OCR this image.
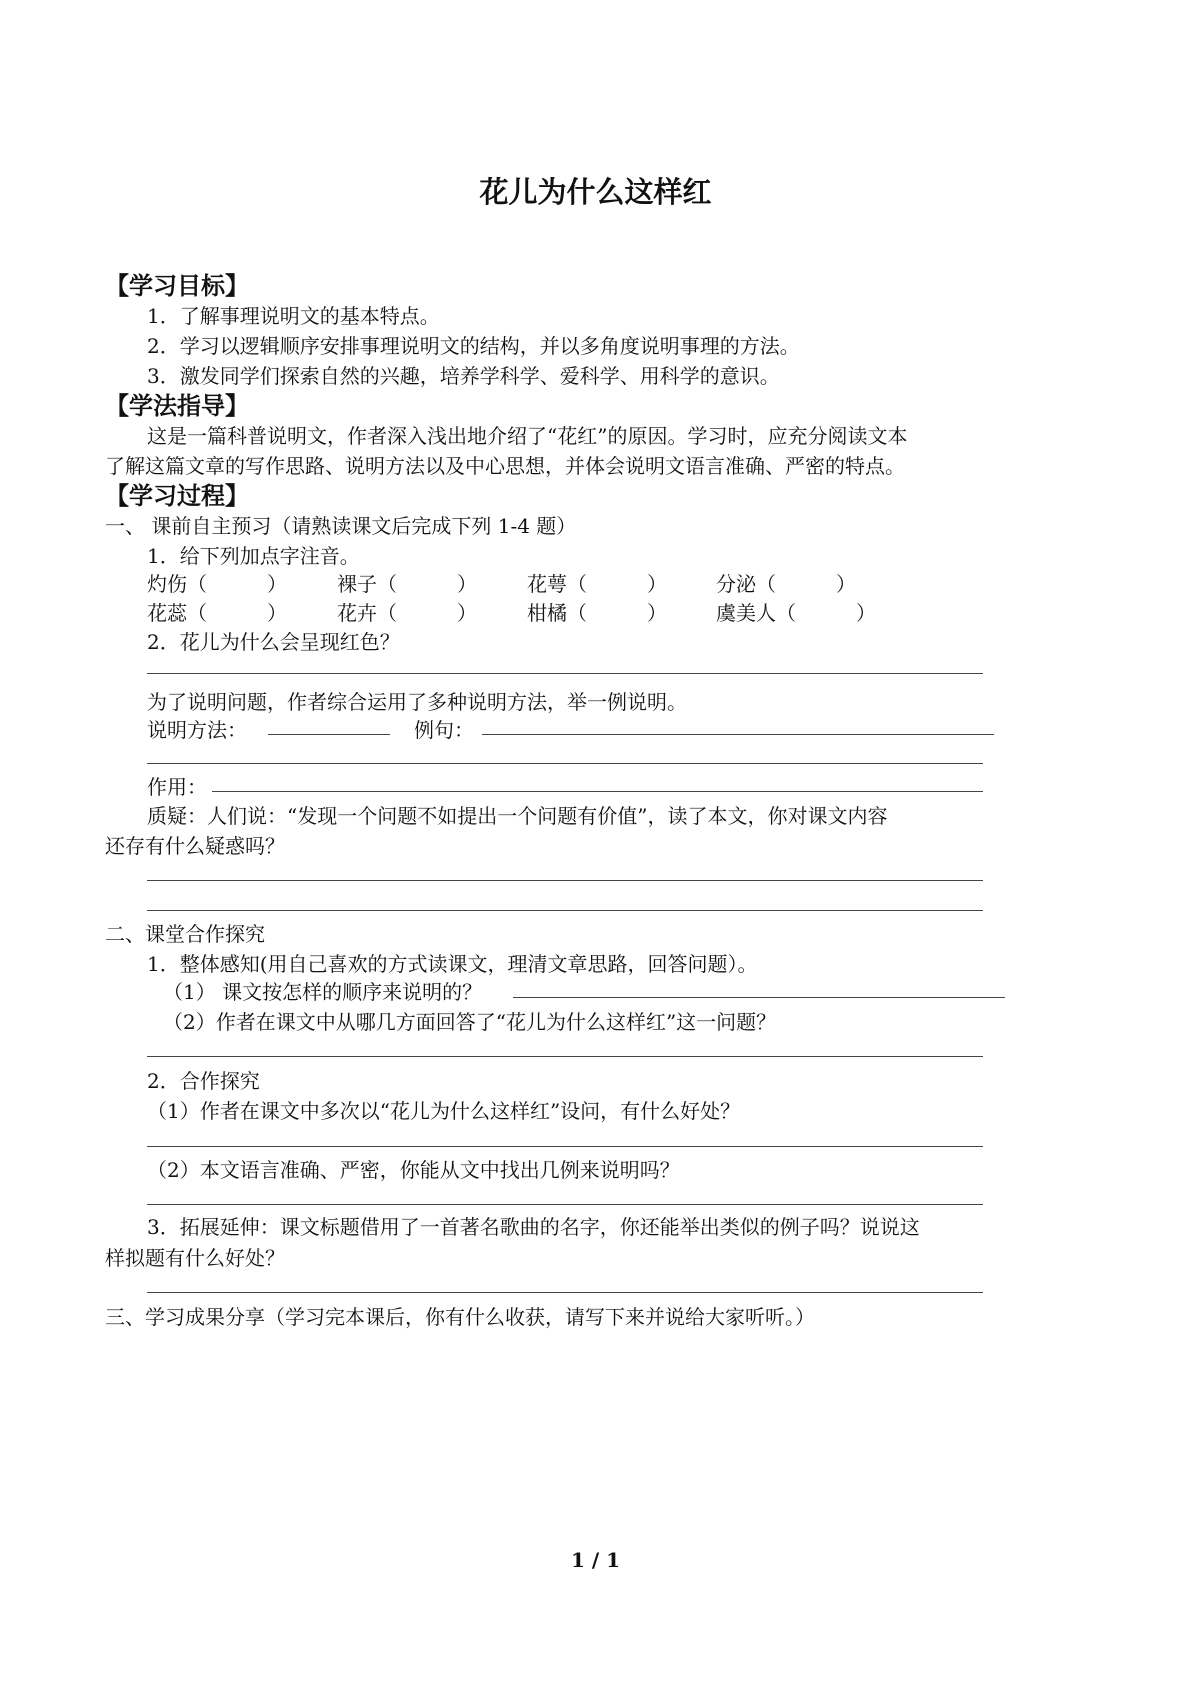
花儿为什么这样红
【学习目标】
1．了解事理说明文的基本特点。
2．学习以逻辑顺序安排事理说明文的结构，并以多角度说明事理的方法。
3．激发同学们探索自然的兴趣，培养学科学、爱科学、用科学的意识。
【学法指导】
这是一篇科普说明文，作者深入浅出地介绍了“花红”的原因。学习时，应充分阅读文本
了解这篇文章的写作思路、说明方法以及中心思想，并体会说明文语言准确、严密的特点。
【学习过程】
一、 课前自主预习（请熟读课文后完成下列 1-4 题）
1．给下列加点字注音。
灼伤（　　　）	裸子（　　　）	花萼（　　　） 分泌（　　　）
花蕊（　　　）	花卉（　　　）	柑橘（　　　） 虞美人（　　　）
2．花儿为什么会呈现红色？
为了说明问题，作者综合运用了多种说明方法，举一例说明。
说明方法：	例句：
作用：
质疑：人们说：“发现一个问题不如提出一个问题有价值”，读了本文，你对课文内容
还存有什么疑惑吗？
二、课堂合作探究
1．整体感知(用自己喜欢的方式读课文，理清文章思路，回答问题）。
（1） 课文按怎样的顺序来说明的？
（2）作者在课文中从哪几方面回答了“花儿为什么这样红”这一问题？
2．合作探究
（1）作者在课文中多次以“花儿为什么这样红”设问，有什么好处？
（2）本文语言准确、严密，你能从文中找出几例来说明吗？
3．拓展延伸：课文标题借用了一首著名歌曲的名字，你还能举出类似的例子吗？说说这
样拟题有什么好处？
三、学习成果分享（学习完本课后，你有什么收获，请写下来并说给大家听听。）
1 / 1
